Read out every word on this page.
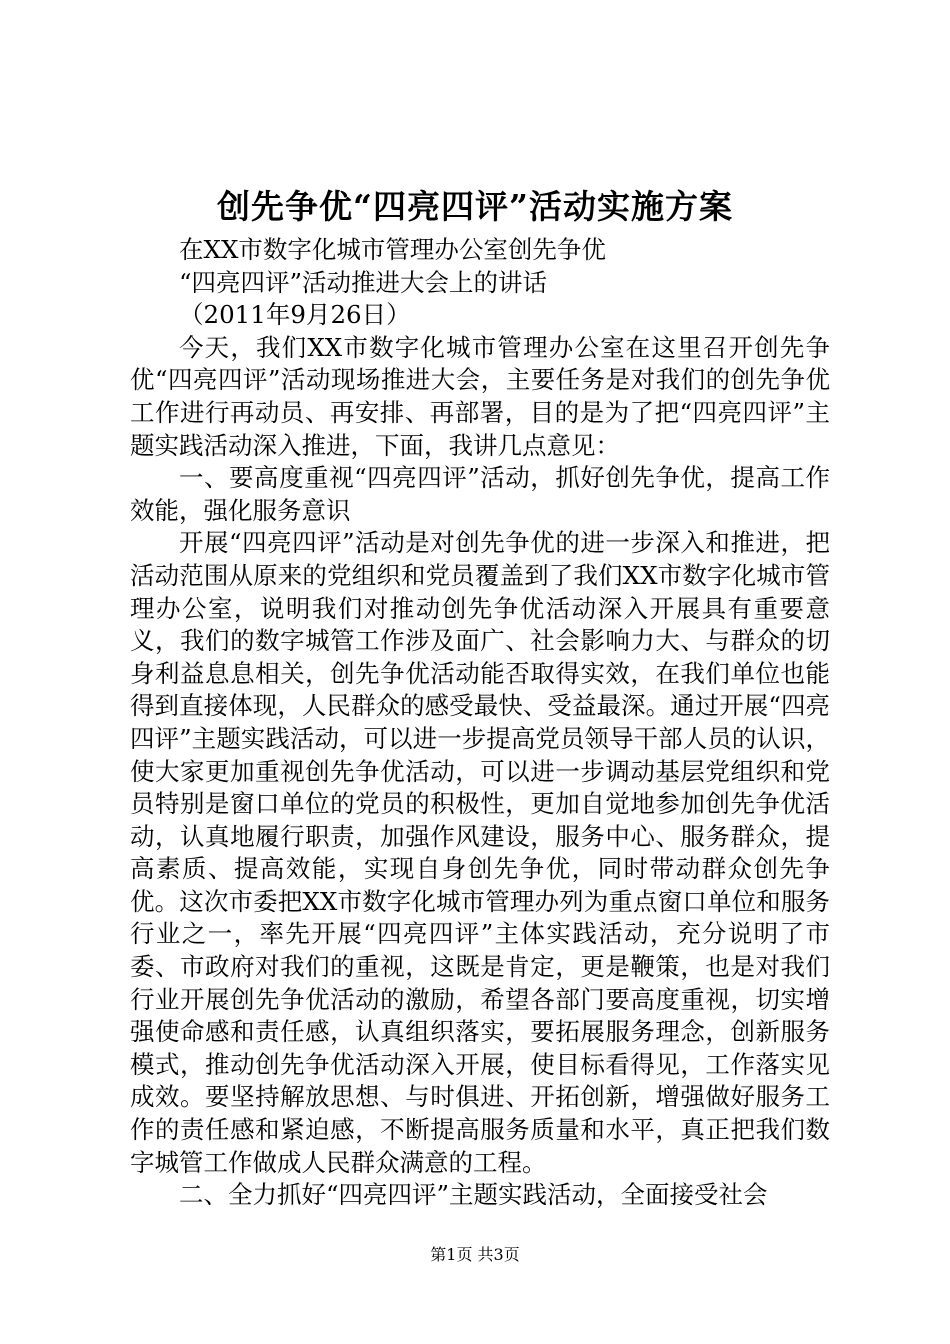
创先争优“四亮四评”活动实施方案

在XX市数字化城市管理办公室创先争优

“四亮四评”活动推进大会上的讲话

（2011年9月26日）

今天，我们XX市数字化城市管理办公室在这里召开创先争优“四亮四评”活动现场推进大会，主要任务是对我们的创先争优工作进行再动员、再安排、再部署，目的是为了把“四亮四评”主题实践活动深入推进，下面，我讲几点意见：

一、要高度重视“四亮四评”活动，抓好创先争优，提高工作效能，强化服务意识

开展“四亮四评”活动是对创先争优的进一步深入和推进，把活动范围从原来的党组织和党员覆盖到了我们XX市数字化城市管理办公室，说明我们对推动创先争优活动深入开展具有重要意义，我们的数字城管工作涉及面广、社会影响力大、与群众的切身利益息息相关，创先争优活动能否取得实效，在我们单位也能得到直接体现，人民群众的感受最快、受益最深。通过开展“四亮四评”主题实践活动，可以进一步提高党员领导干部人员的认识，使大家更加重视创先争优活动，可以进一步调动基层党组织和党员特别是窗口单位的党员的积极性，更加自觉地参加创先争优活动，认真地履行职责，加强作风建设，服务中心、服务群众，提高素质、提高效能，实现自身创先争优，同时带动群众创先争优。这次市委把XX市数字化城市管理办列为重点窗口单位和服务行业之一，率先开展“四亮四评”主体实践活动，充分说明了市委、市政府对我们的重视，这既是肯定，更是鞭策，也是对我们行业开展创先争优活动的激励，希望各部门要高度重视，切实增强使命感和责任感，认真组织落实，要拓展服务理念，创新服务模式，推动创先争优活动深入开展，使目标看得见，工作落实见成效。要坚持解放思想、与时俱进、开拓创新，增强做好服务工作的责任感和紧迫感，不断提高服务质量和水平，真正把我们数字城管工作做成人民群众满意的工程。

二、全力抓好“四亮四评”主题实践活动，全面接受社会

第1页 共3页
